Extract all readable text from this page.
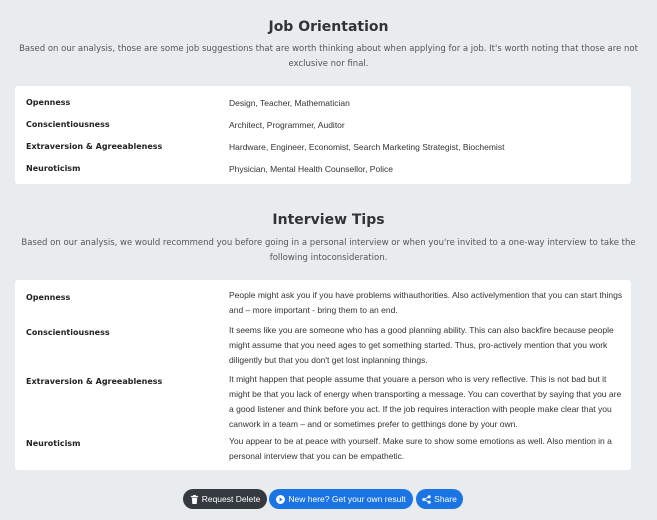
Job Orientation

Based on our analysis, those are some job suggestions that are worth thinking about when applying for a job. It's worth noting that those are not exclusive nor final.

Openness	Design, Teacher, Mathematician
Conscientiousness	Architect, Programmer, Auditor
Extraversion & Agreeableness	Hardware, Engineer, Economist, Search Marketing Strategist, Biochemist
Neuroticism	Physician, Mental Health Counsellor, Police
Interview Tips

Based on our analysis, we would recommend you before going in a personal interview or when you're invited to a one-way interview to take the following intoconsideration.

Openness	People might ask you if you have problems withauthorities. Also activelymention that you can start things and – more important - bring them to an end.
Conscientiousness	It seems like you are someone who has a good planning ability. This can also backfire because people might assume that you need ages to get something started. Thus, pro-actively mention that you work diligently but that you don't get lost inplanning things.
Extraversion & Agreeableness	It might happen that people assume that youare a person who is very reflective. This is not bad but it might be that you lack of energy when transporting a message. You can coverthat by saying that you are a good listener and think before you act. If the job requires interaction with people make clear that you canwork in a team – and or sometimes prefer to getthings done by your own.
Neuroticism	You appear to be at peace with yourself. Make sure to show some emotions as well. Also mention in a personal interview that you can be empathetic.
Request Delete	New here? Get your own result	Share
